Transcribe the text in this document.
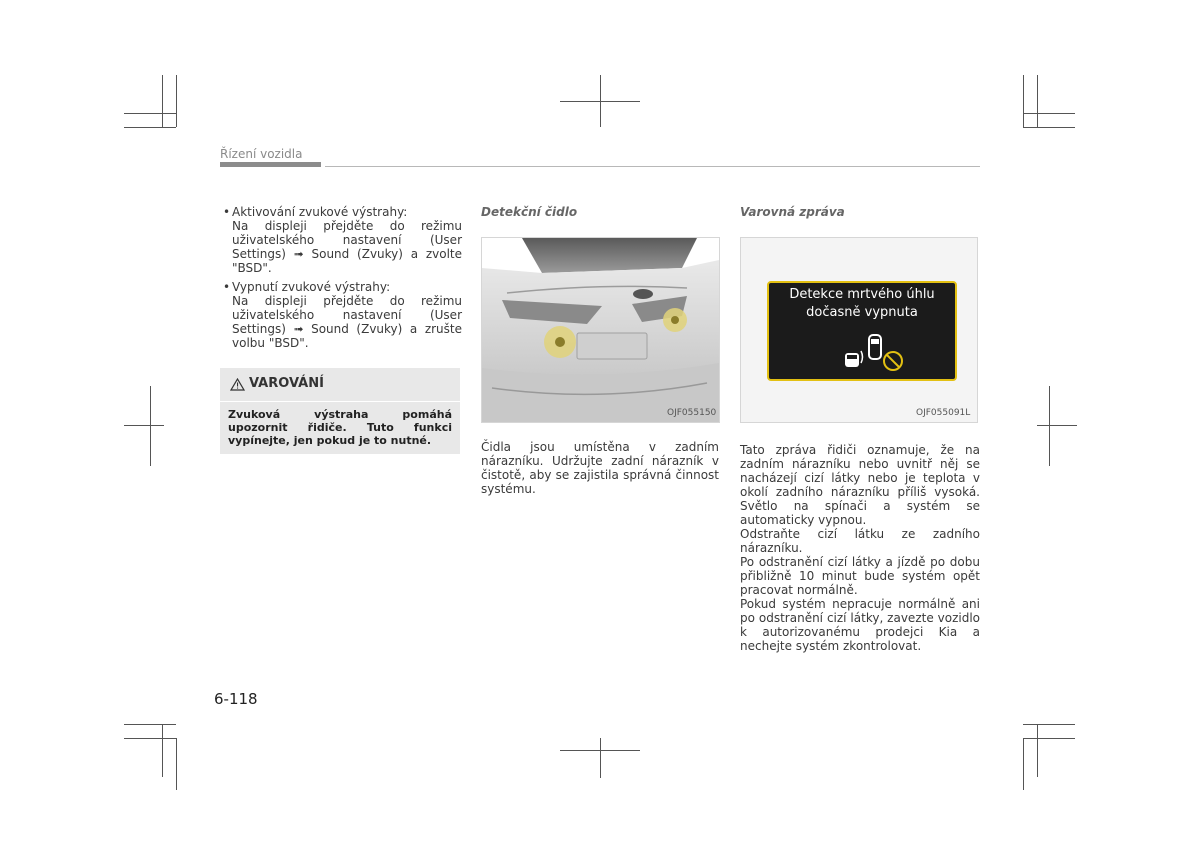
Řízení vozidla

• Aktivování zvukové výstrahy:

Na displeji přejděte do režimu uživatelského nastavení (User Settings) ➟ Sound (Zvuky) a zvolte "BSD".

• Vypnutí zvukové výstrahy:

Na displeji přejděte do režimu uživatelského nastavení (User Settings) ➟ Sound (Zvuky) a zrušte volbu "BSD".

VAROVÁNÍ
Zvuková výstraha pomáhá upozornit řidiče. Tuto funkci vypínejte, jen pokud je to nutné.

Detekční čidlo

OJF055150
Čidla jsou umístěna v zadním nárazníku. Udržujte zadní nárazník v čistotě, aby se zajistila správná činnost systému.

Varovná zpráva

Detekce mrtvého úhlu
dočasně vypnuta
OJF055091L

Tato zpráva řidiči oznamuje, že na zadním nárazníku nebo uvnitř něj se nacházejí cizí látky nebo je teplota v okolí zadního nárazníku příliš vysoká. Světlo na spínači a systém se automaticky vypnou.

Odstraňte cizí látku ze zadního nárazníku.

Po odstranění cizí látky a jízdě po dobu přibližně 10 minut bude systém opět pracovat normálně.

Pokud systém nepracuje normálně ani po odstranění cizí látky, zavezte vozidlo k autorizovanému prodejci Kia a nechejte systém zkontrolovat.

6-118
